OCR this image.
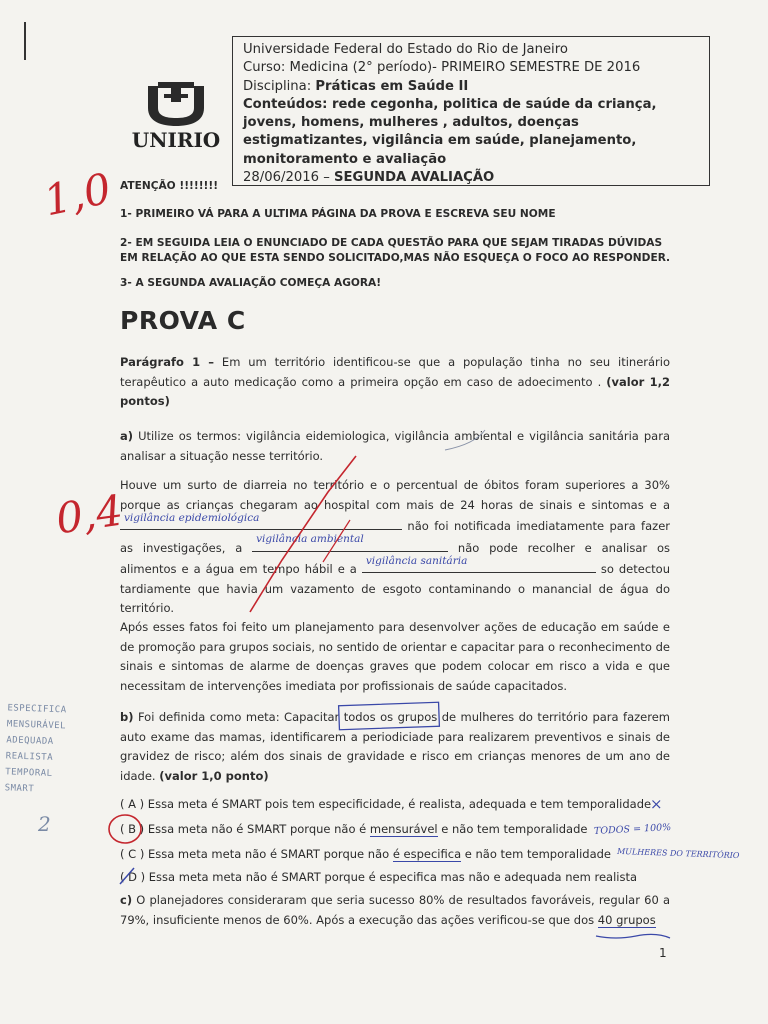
UNIRIO
Universidade Federal do Estado do Rio de Janeiro
Curso: Medicina (2° período)- PRIMEIRO SEMESTRE DE 2016
Disciplina: Práticas em Saúde II
Conteúdos: rede cegonha, politica de saúde da criança, jovens, homens, mulheres , adultos, doenças estigmatizantes, vigilância em saúde, planejamento, monitoramento e avaliação
28/06/2016 – SEGUNDA AVALIAÇÃO
ATENÇÃO !!!!!!!!
1- PRIMEIRO VÁ PARA A ULTIMA PÁGINA DA PROVA E ESCREVA SEU NOME
2- EM SEGUIDA LEIA O ENUNCIADO DE CADA QUESTÃO PARA QUE SEJAM TIRADAS DÚVIDAS
EM RELAÇÃO AO QUE ESTA SENDO SOLICITADO,MAS NÃO ESQUEÇA O FOCO AO RESPONDER.
3- A SEGUNDA AVALIAÇÃO COMEÇA AGORA!
PROVA C
Parágrafo 1 – Em um território identificou-se que a população tinha no seu itinerário terapêutico a auto medicação como a primeira opção em caso de adoecimento . (valor 1,2 pontos)
a) Utilize os termos: vigilância eidemiologica, vigilância ambiental e vigilância sanitária para analisar a situação nesse território.
Houve um surto de diarreia no território e o percentual de óbitos foram superiores a 30% porque as crianças chegaram ao hospital com mais de 24 horas de sinais e sintomas e a
vigilância epidemiológica
não foi notificada imediatamente para fazer as investigações, a
vigilância ambiental
não pode recolher e analisar os alimentos e a água em tempo hábil e a
vigilância sanitária
so detectou tardiamente que havia um vazamento de esgoto contaminando o manancial de água do território.
Após esses fatos foi feito um planejamento para desenvolver ações de educação em saúde e de promoção para grupos sociais, no sentido de orientar e capacitar para o reconhecimento de sinais e sintomas de alarme de doenças graves que podem colocar em risco a vida e que necessitam de intervenções imediata por profissionais de saúde capacitados.
b) Foi definida como meta: Capacitar todos os grupos de mulheres do território para fazerem auto exame das mamas, identificarem a periodiciade para realizarem preventivos e sinais de gravidez de risco; além dos sinais de gravidade e risco em crianças menores de um ano de idade. (valor 1,0 ponto)
( A ) Essa meta é SMART pois tem especificidade, é realista, adequada e tem temporalidade
( B ) Essa meta não é SMART porque não é mensurável e não tem temporalidade
( C ) Essa meta meta não é SMART porque não é especifica e não tem temporalidade
( D ) Essa meta meta não é SMART porque é especifica mas não e adequada nem realista
c) O planejadores consideraram que seria sucesso 80% de resultados favoráveis, regular 60 a 79%, insuficiente menos de 60%. Após a execução das ações verificou-se que dos 40 grupos
1
ESPECIFICA
MENSURÁVEL
ADEQUADA
REALISTA
TEMPORAL
SMART
2	TODOS = 100%
MULHERES DO TERRITÓRIO
×
1,0
0,4
